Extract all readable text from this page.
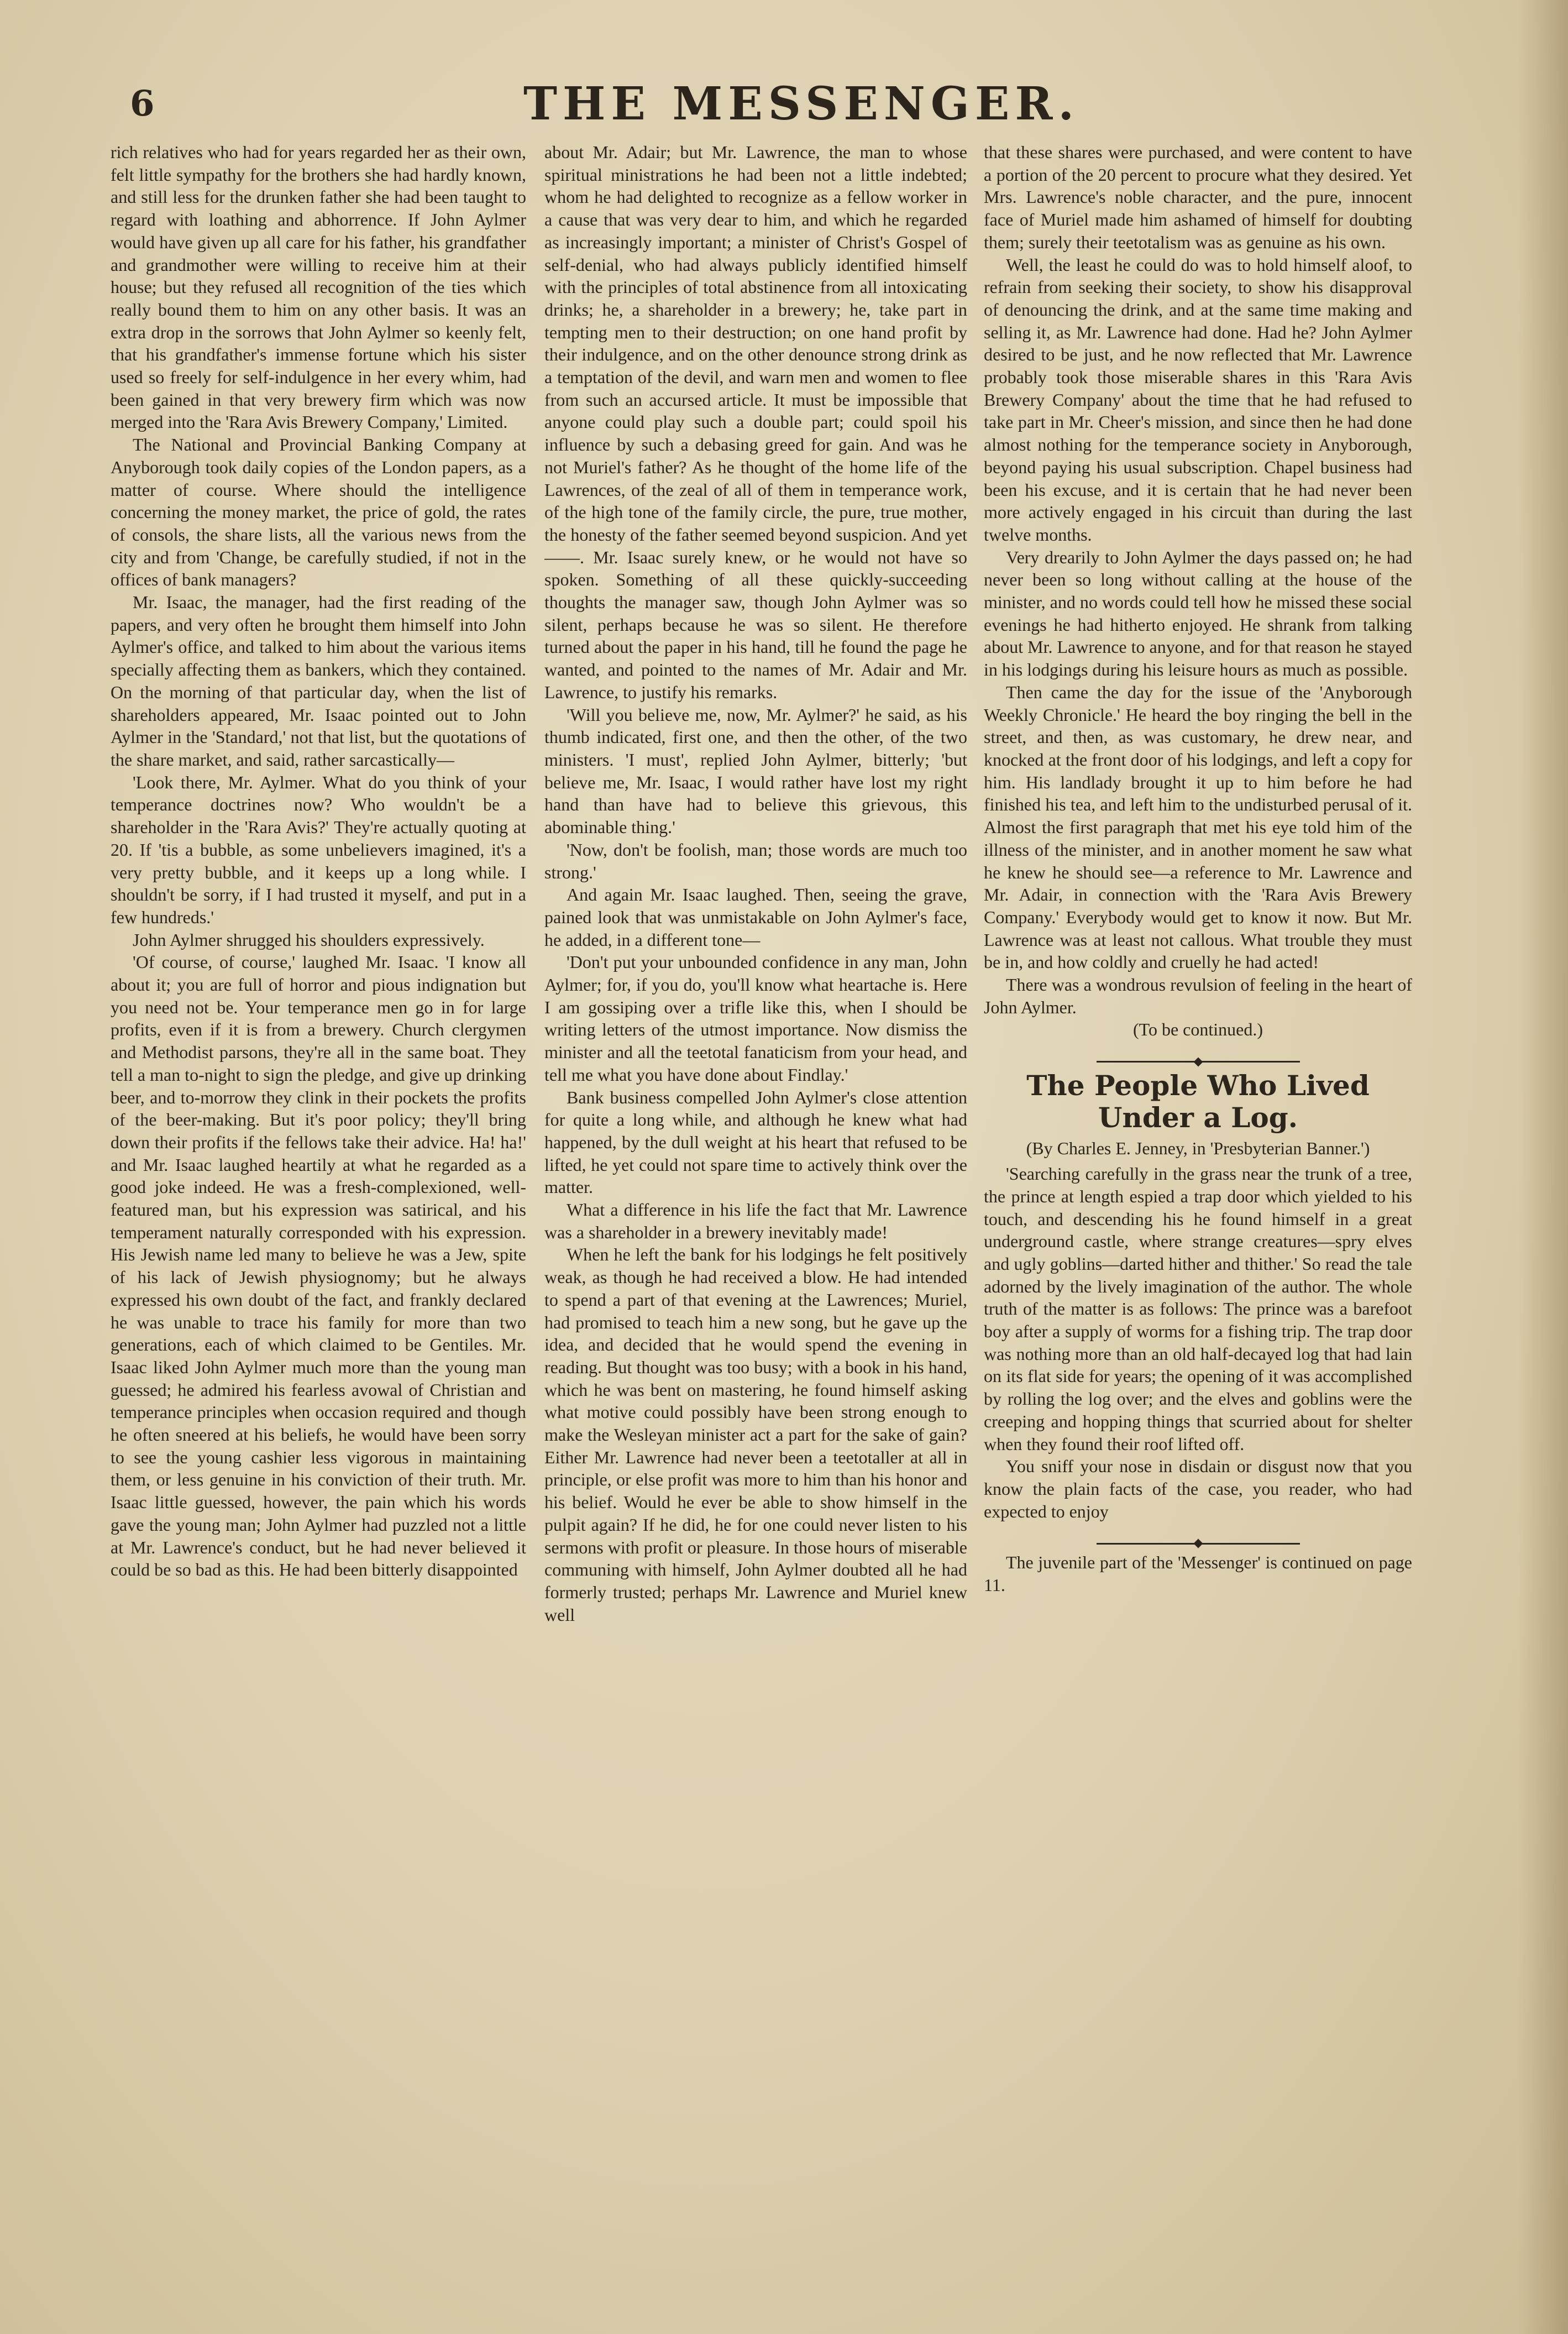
6	THE MESSENGER.

rich relatives who had for years regarded her as their own, felt little sympathy for the brothers she had hardly known, and still less for the drunken father she had been taught to regard with loathing and abhorrence. If John Aylmer would have given up all care for his father, his grandfather and grandmother were willing to receive him at their house; but they refused all recognition of the ties which really bound them to him on any other basis. It was an extra drop in the sorrows that John Aylmer so keenly felt, that his grandfather's immense fortune which his sister used so freely for self-indulgence in her every whim, had been gained in that very brewery firm which was now merged into the 'Rara Avis Brewery Company,' Limited.

The National and Provincial Banking Company at Anyborough took daily copies of the London papers, as a matter of course. Where should the intelligence concerning the money market, the price of gold, the rates of consols, the share lists, all the various news from the city and from 'Change, be carefully studied, if not in the offices of bank managers?

Mr. Isaac, the manager, had the first reading of the papers, and very often he brought them himself into John Aylmer's office, and talked to him about the various items specially affecting them as bankers, which they contained. On the morning of that particular day, when the list of shareholders appeared, Mr. Isaac pointed out to John Aylmer in the 'Standard,' not that list, but the quotations of the share market, and said, rather sarcastically—

'Look there, Mr. Aylmer. What do you think of your temperance doctrines now? Who wouldn't be a shareholder in the 'Rara Avis?' They're actually quoting at 20. If 'tis a bubble, as some unbelievers imagined, it's a very pretty bubble, and it keeps up a long while. I shouldn't be sorry, if I had trusted it myself, and put in a few hundreds.'

John Aylmer shrugged his shoulders expressively.

'Of course, of course,' laughed Mr. Isaac. 'I know all about it; you are full of horror and pious indignation but you need not be. Your temperance men go in for large profits, even if it is from a brewery. Church clergymen and Methodist parsons, they're all in the same boat. They tell a man to-night to sign the pledge, and give up drinking beer, and to-morrow they clink in their pockets the profits of the beer-making. But it's poor policy; they'll bring down their profits if the fellows take their advice. Ha! ha!' and Mr. Isaac laughed heartily at what he regarded as a good joke indeed. He was a fresh-complexioned, well-featured man, but his expression was satirical, and his temperament naturally corresponded with his expression. His Jewish name led many to believe he was a Jew, spite of his lack of Jewish physiognomy; but he always expressed his own doubt of the fact, and frankly declared he was unable to trace his family for more than two generations, each of which claimed to be Gentiles. Mr. Isaac liked John Aylmer much more than the young man guessed; he admired his fearless avowal of Christian and temperance principles when occasion required and though he often sneered at his beliefs, he would have been sorry to see the young cashier less vigorous in maintaining them, or less genuine in his conviction of their truth. Mr. Isaac little guessed, however, the pain which his words gave the young man; John Aylmer had puzzled not a little at Mr. Lawrence's conduct, but he had never believed it could be so bad as this. He had been bitterly disappointed

about Mr. Adair; but Mr. Lawrence, the man to whose spiritual ministrations he had been not a little indebted; whom he had delighted to recognize as a fellow worker in a cause that was very dear to him, and which he regarded as increasingly important; a minister of Christ's Gospel of self-denial, who had always publicly identified himself with the principles of total abstinence from all intoxicating drinks; he, a shareholder in a brewery; he, take part in tempting men to their destruction; on one hand profit by their indulgence, and on the other denounce strong drink as a temptation of the devil, and warn men and women to flee from such an accursed article. It must be impossible that anyone could play such a double part; could spoil his influence by such a debasing greed for gain. And was he not Muriel's father? As he thought of the home life of the Lawrences, of the zeal of all of them in temperance work, of the high tone of the family circle, the pure, true mother, the honesty of the father seemed beyond suspicion. And yet——. Mr. Isaac surely knew, or he would not have so spoken. Something of all these quickly-succeeding thoughts the manager saw, though John Aylmer was so silent, perhaps because he was so silent. He therefore turned about the paper in his hand, till he found the page he wanted, and pointed to the names of Mr. Adair and Mr. Lawrence, to justify his remarks.

'Will you believe me, now, Mr. Aylmer?' he said, as his thumb indicated, first one, and then the other, of the two ministers. 'I must', replied John Aylmer, bitterly; 'but believe me, Mr. Isaac, I would rather have lost my right hand than have had to believe this grievous, this abominable thing.'

'Now, don't be foolish, man; those words are much too strong.'

And again Mr. Isaac laughed. Then, seeing the grave, pained look that was unmistakable on John Aylmer's face, he added, in a different tone—

'Don't put your unbounded confidence in any man, John Aylmer; for, if you do, you'll know what heartache is. Here I am gossiping over a trifle like this, when I should be writing letters of the utmost importance. Now dismiss the minister and all the teetotal fanaticism from your head, and tell me what you have done about Findlay.'

Bank business compelled John Aylmer's close attention for quite a long while, and although he knew what had happened, by the dull weight at his heart that refused to be lifted, he yet could not spare time to actively think over the matter.

What a difference in his life the fact that Mr. Lawrence was a shareholder in a brewery inevitably made!

When he left the bank for his lodgings he felt positively weak, as though he had received a blow. He had intended to spend a part of that evening at the Lawrences; Muriel, had promised to teach him a new song, but he gave up the idea, and decided that he would spend the evening in reading. But thought was too busy; with a book in his hand, which he was bent on mastering, he found himself asking what motive could possibly have been strong enough to make the Wesleyan minister act a part for the sake of gain? Either Mr. Lawrence had never been a teetotaller at all in principle, or else profit was more to him than his honor and his belief. Would he ever be able to show himself in the pulpit again? If he did, he for one could never listen to his sermons with profit or pleasure. In those hours of miserable communing with himself, John Aylmer doubted all he had formerly trusted; perhaps Mr. Lawrence and Muriel knew well

that these shares were purchased, and were content to have a portion of the 20 percent to procure what they desired. Yet Mrs. Lawrence's noble character, and the pure, innocent face of Muriel made him ashamed of himself for doubting them; surely their teetotalism was as genuine as his own.

Well, the least he could do was to hold himself aloof, to refrain from seeking their society, to show his disapproval of denouncing the drink, and at the same time making and selling it, as Mr. Lawrence had done. Had he? John Aylmer desired to be just, and he now reflected that Mr. Lawrence probably took those miserable shares in this 'Rara Avis Brewery Company' about the time that he had refused to take part in Mr. Cheer's mission, and since then he had done almost nothing for the temperance society in Anyborough, beyond paying his usual subscription. Chapel business had been his excuse, and it is certain that he had never been more actively engaged in his circuit than during the last twelve months.

Very drearily to John Aylmer the days passed on; he had never been so long without calling at the house of the minister, and no words could tell how he missed these social evenings he had hitherto enjoyed. He shrank from talking about Mr. Lawrence to anyone, and for that reason he stayed in his lodgings during his leisure hours as much as possible.

Then came the day for the issue of the 'Anyborough Weekly Chronicle.' He heard the boy ringing the bell in the street, and then, as was customary, he drew near, and knocked at the front door of his lodgings, and left a copy for him. His landlady brought it up to him before he had finished his tea, and left him to the undisturbed perusal of it. Almost the first paragraph that met his eye told him of the illness of the minister, and in another moment he saw what he knew he should see—a reference to Mr. Lawrence and Mr. Adair, in connection with the 'Rara Avis Brewery Company.' Everybody would get to know it now. But Mr. Lawrence was at least not callous. What trouble they must be in, and how coldly and cruelly he had acted!

There was a wondrous revulsion of feeling in the heart of John Aylmer.

(To be continued.)

The People Who Lived Under a Log.
(By Charles E. Jenney, in 'Presbyterian Banner.')

'Searching carefully in the grass near the trunk of a tree, the prince at length espied a trap door which yielded to his touch, and descending his he found himself in a great underground castle, where strange creatures—spry elves and ugly goblins—darted hither and thither.' So read the tale adorned by the lively imagination of the author. The whole truth of the matter is as follows: The prince was a barefoot boy after a supply of worms for a fishing trip. The trap door was nothing more than an old half-decayed log that had lain on its flat side for years; the opening of it was accomplished by rolling the log over; and the elves and goblins were the creeping and hopping things that scurried about for shelter when they found their roof lifted off.

You sniff your nose in disdain or disgust now that you know the plain facts of the case, you reader, who had expected to enjoy

The juvenile part of the 'Messenger' is continued on page 11.
